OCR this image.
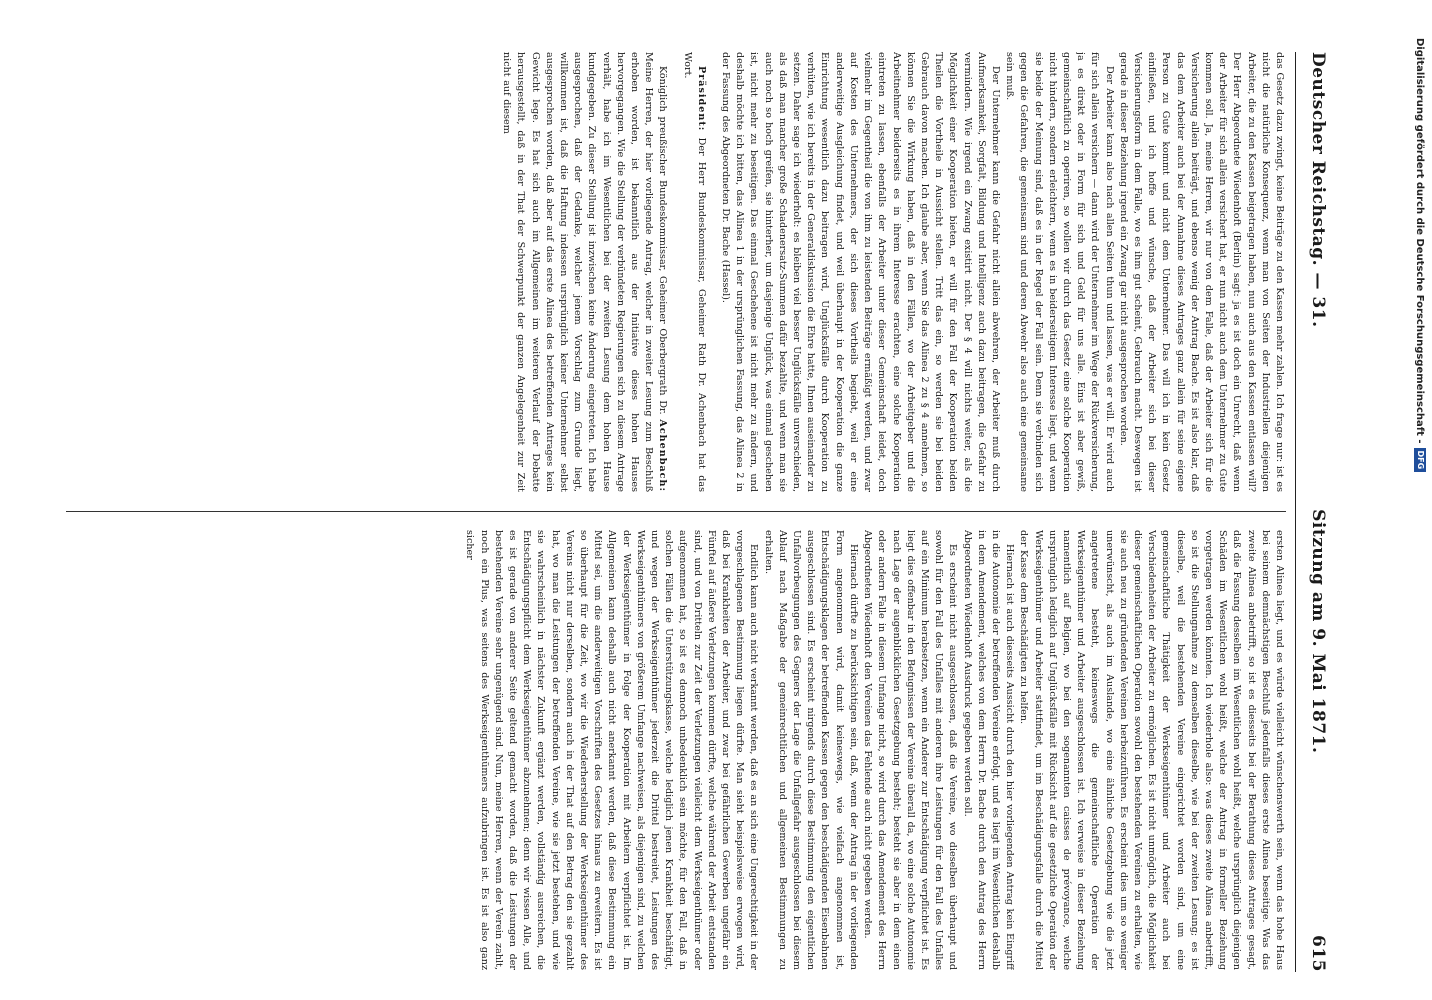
Deutscher Reichstag. — 31.
Sitzung am 9. Mai 1871.
615

das Gesetz dazu zwingt, keine Beiträge zu den Kassen mehr zahlen. Ich frage nur: ist es nicht die natürliche Konsequenz, wenn man von Seiten der Industriellen diejenigen Arbeiter, die zu den Kassen beigetragen haben, nun auch aus den Kassen entlassen will? Der Herr Abgeordnete Wiedenhoft (Berlin) sagt: ja es ist doch ein Unrecht, daß wenn der Arbeiter für sich allein versichert hat, er nun nicht auch dem Unternehmer zu Gute kommen soll. Ja, meine Herren, wir nur von dem Falle, daß der Arbeiter sich für die Versicherung allein beiträgt, und ebenso wenig der Antrag Bache. Es ist also klar, daß das dem Arbeiter auch bei der Annahme dieses Antrages ganz allein für seine eigene Person zu Gute kommt und nicht dem Unternehmer. Das will ich in kein Gesetz einfließen, und ich hoffe und wünsche, daß der Arbeiter sich bei dieser Versicherungsform in dem Falle, wo es ihm gut scheint, Gebrauch macht. Deswegen ist gerade in dieser Beziehung irgend ein Zwang gar nicht ausgesprochen worden.

Der Arbeiter kann also nach allen Seiten thun und lassen, was er will. Er wird auch für sich allein versichern — dann wird der Unternehmer im Wege der Rückversicherung, ja es direkt oder in Form für sich und Geld für uns alle. Eins ist aber gewiß, gemeinschaftlich zu operiren, so wollen wir durch das Gesetz eine solche Kooperation nicht hindern, sondern erleichtern, wenn es in beiderseitigem Interesse liegt, und wenn sie beide der Meinung sind, daß es in der Regel der Fall sein. Denn sie verbinden sich gegen die Gefahren, die gemeinsam sind und deren Abwehr also auch eine gemeinsame sein muß.

Der Unternehmer kann die Gefahr nicht allein abwehren, der Arbeiter muß durch Aufmerksamkeit, Sorgfalt, Bildung und Intelligenz auch dazu beitragen, die Gefahr zu vermindern. Wie irgend ein Zwang existirt nicht. Der § 4 will nichts weiter, als die Möglichkeit einer Kooperation bieten, er will für den Fall der Kooperation beiden Theilen die Vortheile in Aussicht stellen. Tritt das ein, so werden sie bei beiden Gebrauch davon machen. Ich glaube aber, wenn Sie das Alinea 2 zu § 4 annehmen, so können Sie die Wirkung haben, daß in den Fällen, wo der Arbeitgeber und die Arbeitnehmer beiderseits es in ihrem Interesse erachten, eine solche Kooperation eintreten zu lassen, ebenfalls der Arbeiter unter dieser Gemeinschaft leidet, doch vielmehr im Gegentheil die von ihm zu leistenden Beiträge ermäßigt werden, und zwar auf Kosten des Unternehmers, der sich dieses Vortheils begiebt, weil er eine anderweitige Ausgleichung findet, und weil überhaupt in der Kooperation die ganze Einrichtung wesentlich dazu beitragen wird, Unglücksfälle durch Kooperation zu verhüten, wie ich bereits in der Generaldiskussion die Ehre hatte, Ihnen auseinander zu setzen. Daher sage ich wiederholt: es bleiben viel besser Unglücksfälle unverschieden, als daß man mancher große Schadenersatz-Summen dafür bezahlte, und wenn man sie auch noch so hoch greifen, sie hinterher, um dasjenige Unglück, was einmal geschehen ist, nicht mehr zu beseitigen. Das einmal Geschehene ist nicht mehr zu ändern, und deshalb möchte ich bitten, das Alinea 1 in der ursprünglichen Fassung, das Alinea 2 in der Fassung des Abgeordneten Dr. Bache (Hassel).

Präsident: Der Herr Bundeskommissar, Geheimer Rath Dr. Achenbach hat das Wort.

Königlich preußischer Bundeskommissar, Geheimer Oberbergrath Dr. Achenbach: Meine Herren, der hier vorliegende Antrag, welcher in zweiter Lesung zum Beschluß erhoben worden, ist bekanntlich aus der Initiative dieses hohen Hauses hervorgegangen. Wie die Stellung der verbündeten Regierungen sich zu diesem Antrage verhält, habe ich im Wesentlichen bei der zweiten Lesung dem hohen Hause kundgegeben. Zu dieser Stellung ist inzwischen keine Änderung eingetreten. Ich habe ausgesprochen, daß der Gedanke, welcher jenem Vorschlag zum Grunde liegt, willkommen ist, daß die Haftung indessen ursprünglich keiner Unternehmer selbst ausgesprochen worden, daß aber auf das erste Alinea des betreffenden Antrages kein Gewicht lege. Es hat sich auch im Allgemeinen im weiteren Verlauf der Debatte herausgestellt, daß in der That der Schwerpunkt der ganzen Angelegenheit zur Zeit nicht auf diesem

ersten Alinea liegt, und es würde vielleicht wünschenswerth sein, wenn das hohe Haus bei seinem demnächstigen Beschluß jedenfalls dieses erste Alinea beseitige. Was das zweite Alinea anbetrifft, so ist es diesseits bei der Berathung dieses Antrages gesagt, daß die Fassung desselben im Wesentlichen wohl heißt, welche ursprünglich diejenigen Schäden im Wesentlichen wohl heißt, welche der Antrag in formeller Beziehung vorgetragen werden könnten. Ich wiederhole also: was dieses zweite Alinea anbetrifft, so ist die Stellungnahme zu demselben dieselbe, wie bei der zweiten Lesung; es ist dieselbe, weil die bestehenden Vereine eingerichtet worden sind, um eine gemeinschaftliche Thätigkeit der Werkseigenthümer und Arbeiter auch bei Verschiedenheiten der Arbeiter zu ermöglichen. Es ist nicht unmöglich, die Möglichkeit dieser gemeinschaftlichen Operation sowohl den bestehenden Vereinen zu erhalten, wie sie auch neu zu gründenden Vereinen herbeizuführen. Es erscheint dies um so weniger unerwünscht, als auch im Auslande, wo eine ähnliche Gesetzgebung wie die jetzt angetretene besteht, keineswegs die gemeinschaftliche Operation der Werkseigenthümer und Arbeiter ausgeschlossen ist. Ich verweise in dieser Beziehung namentlich auf Belgien, wo bei den sogenannten caisses de prévoyance, welche ursprünglich lediglich auf Unglücksfälle mit Rücksicht auf die gesetzliche Operation der Werkseigenthümer und Arbeiter stattfindet, um im Beschädigungsfalle durch die Mittel der Kasse dem Beschädigten zu helfen.

Hiernach ist auch diesseits Aussicht durch den hier vorliegenden Antrag kein Eingriff in die Autonomie der betreffenden Vereine erfolgt, und es liegt im Wesentlichen deshalb in dem Amendement, welches von dem Herrn Dr. Bache durch den Antrag des Herrn Abgeordneten Wiedenhoft Ausdruck gegeben werden soll.

Es erscheint nicht ausgeschlossen, daß die Vereine, wo dieselben überhaupt und sowohl für den Fall des Unfalles mit anderen ihre Leistungen für den Fall des Unfalles auf ein Minimum herabsetzen, wenn ein Anderer zur Entschädigung verpflichtet ist. Es liegt dies offenbar in den Befugnissen der Vereine überall da, wo eine solche Autonomie nach Lage der augenblicklichen Gesetzgebung besteht; besteht sie aber in dem einen oder andern Falle in diesem Umfange nicht, so wird durch das Amendement des Herrn Abgeordneten Wiedenhoft den Vereinen das Fehlende auch nicht gegeben werden.

Hiernach dürfte zu berücksichtigen sein, daß, wenn der Antrag in der vorliegenden Form angenommen wird, damit keineswegs, wie vielfach angenommen ist, Entschädigungsklagen der betreffenden Kassen gegen den beschädigenden Eisenbahnen ausgeschlossen sind. Es erscheint nirgends durch diese Bestimmung den eigentlichen Unfallvorbeugungen des Gegners der Lage die Unfallgefahr ausgeschlossen bei diesem Ablauf nach Maßgabe der gemeinrechtlichen und allgemeinen Bestimmungen zu erhalten.

Endlich kann auch nicht verkannt werden, daß es an sich eine Ungerechtigkeit in der vorgeschlagenen Bestimmung liegen dürfte. Man sieht beispielsweise erwogen wird, daß bei Krankheiten der Arbeiter, und zwar bei gefährlichen Gewerben ungefähr ein Fünftel auf äußere Verletzungen kommen dürfte, welche während der Arbeit entstanden sind, und von Dritteln zur Zeit der Verletzungen vielleicht dem Werkseigenthümer oder aufgenommen hat, so ist es dennoch unbedenklich sein möchte, für den Fall, daß in solchen Fällen die Unterstützungskasse, welche lediglich jenen Krankheit beschäftigt, und wegen der Werkseigenthümer jederzeit die Drittel bestreitet, Leistungen des Werkseigenthümers von größerem Umfange nachweisen, als diejenigen sind, zu welchen der Werkseigenthümer in Folge der Kooperation mit Arbeitern verpflichtet ist. Im Allgemeinen kann deshalb auch nicht anerkannt werden, daß diese Bestimmung ein Mittel sei, um die anderweitigen Vorschriften des Gesetzes hinaus zu erweitern. Es ist so überhaupt für die Zeit, wo wir die Wiederherstellung der Werkseigenthümer des Vereins nicht nur derselben, sondern auch in der That auf den Betrag den sie gezahlt hat, wo man die Leistungen der betreffenden Vereine, wie sie jetzt bestehen, und wie sie wahrscheinlich in nächster Zukunft ergänzt werden, vollständig ausreichen, die Entschädigungspflicht dem Werkseigenthümer abzunehmen; denn wir wissen Alle, und es ist gerade von anderer Seite geltend gemacht worden, daß die Leistungen der bestehenden Vereine sehr ungenügend sind. Nun, meine Herren, wenn der Verein zahlt, noch ein Plus, was seitens des Werkseigenthümers aufzubringen ist. Es ist also ganz sicher

Digitalisierung gefördert durch die Deutsche Forschungsgemeinschaft -DFG
